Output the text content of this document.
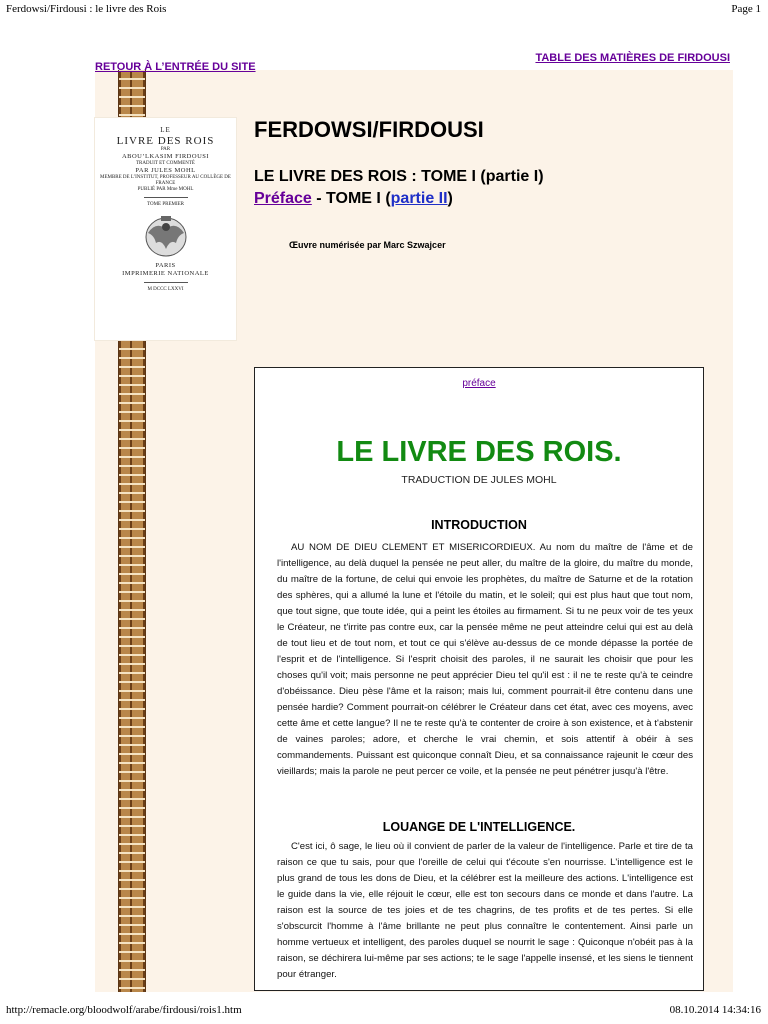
Ferdowsi/Firdousi : le livre des Rois	Page 1
RETOUR À L’ENTRÉE DU SITE
TABLE DES MATIÈRES DE FIRDOUSI
LE
LIVRE DES ROIS
PAR
ABOU’LKASIM FIRDOUSI
TRADUIT ET COMMENTÉ
PAR JULES MOHL
MEMBRE DE L’INSTITUT, PROFESSEUR AU COLLÈGE DE FRANCE
PUBLIÉ PAR Mme MOHL
TOME PREMIER
PARIS
IMPRIMERIE NATIONALE
M DCCC LXXVI
FERDOWSI/FIRDOUSI
LE LIVRE DES ROIS : TOME I (partie I)
Préface - TOME I (partie II)
Œuvre numérisée par Marc Szwajcer
préface
LE LIVRE DES ROIS.
TRADUCTION DE JULES MOHL
INTRODUCTION

AU NOM DE DIEU CLEMENT ET MISERICORDIEUX. Au nom du maître de l'âme et de l'intelligence, au delà duquel la pensée ne peut aller, du maître de la gloire, du maître du monde, du maître de la fortune, de celui qui envoie les prophètes, du maître de Saturne et de la rotation des sphères, qui a allumé la lune et l'étoile du matin, et le soleil; qui est plus haut que tout nom, que tout signe, que toute idée, qui a peint les étoiles au firmament. Si tu ne peux voir de tes yeux le Créateur, ne t'irrite pas contre eux, car la pensée même ne peut atteindre celui qui est au delà de tout lieu et de tout nom, et tout ce qui s'élève au-dessus de ce monde dépasse la portée de l'esprit et de l'intelligence. Si l'esprit choisit des paroles, il ne saurait les choisir que pour les choses qu'il voit; mais personne ne peut apprécier Dieu tel qu'il est : il ne te reste qu'à te ceindre d'obéissance. Dieu pèse l'âme et la raison; mais lui, comment pourrait-il être contenu dans une pensée hardie? Comment pourrait-on célébrer le Créateur dans cet état, avec ces moyens, avec cette âme et cette langue? Il ne te reste qu'à te contenter de croire à son existence, et à t'abstenir de vaines paroles; adore, et cherche le vrai chemin, et sois attentif à obéir à ses commandements. Puissant est quiconque connaît Dieu, et sa connaissance rajeunit le cœur des vieillards; mais la parole ne peut percer ce voile, et la pensée ne peut pénétrer jusqu'à l'être.

LOUANGE DE L'INTELLIGENCE.

C'est ici, ô sage, le lieu où il convient de parler de la valeur de l'intelligence. Parle et tire de ta raison ce que tu sais, pour que l'oreille de celui qui t'écoute s'en nourrisse. L'intelligence est le plus grand de tous les dons de Dieu, et la célébrer est la meilleure des actions. L'intelligence est le guide dans la vie, elle réjouit le cœur, elle est ton secours dans ce monde et dans l'autre. La raison est la source de tes joies et de tes chagrins, de tes profits et de tes pertes. Si elle s'obscurcit l'homme à l'âme brillante ne peut plus connaître le contentement. Ainsi parle un homme vertueux et intelligent, des paroles duquel se nourrit le sage : Quiconque n'obéit pas à la raison, se déchirera lui-même par ses actions; te le sage l'appelle insensé, et les siens le tiennent pour étranger.

http://remacle.org/bloodwolf/arabe/firdousi/rois1.htm	08.10.2014 14:34:16
